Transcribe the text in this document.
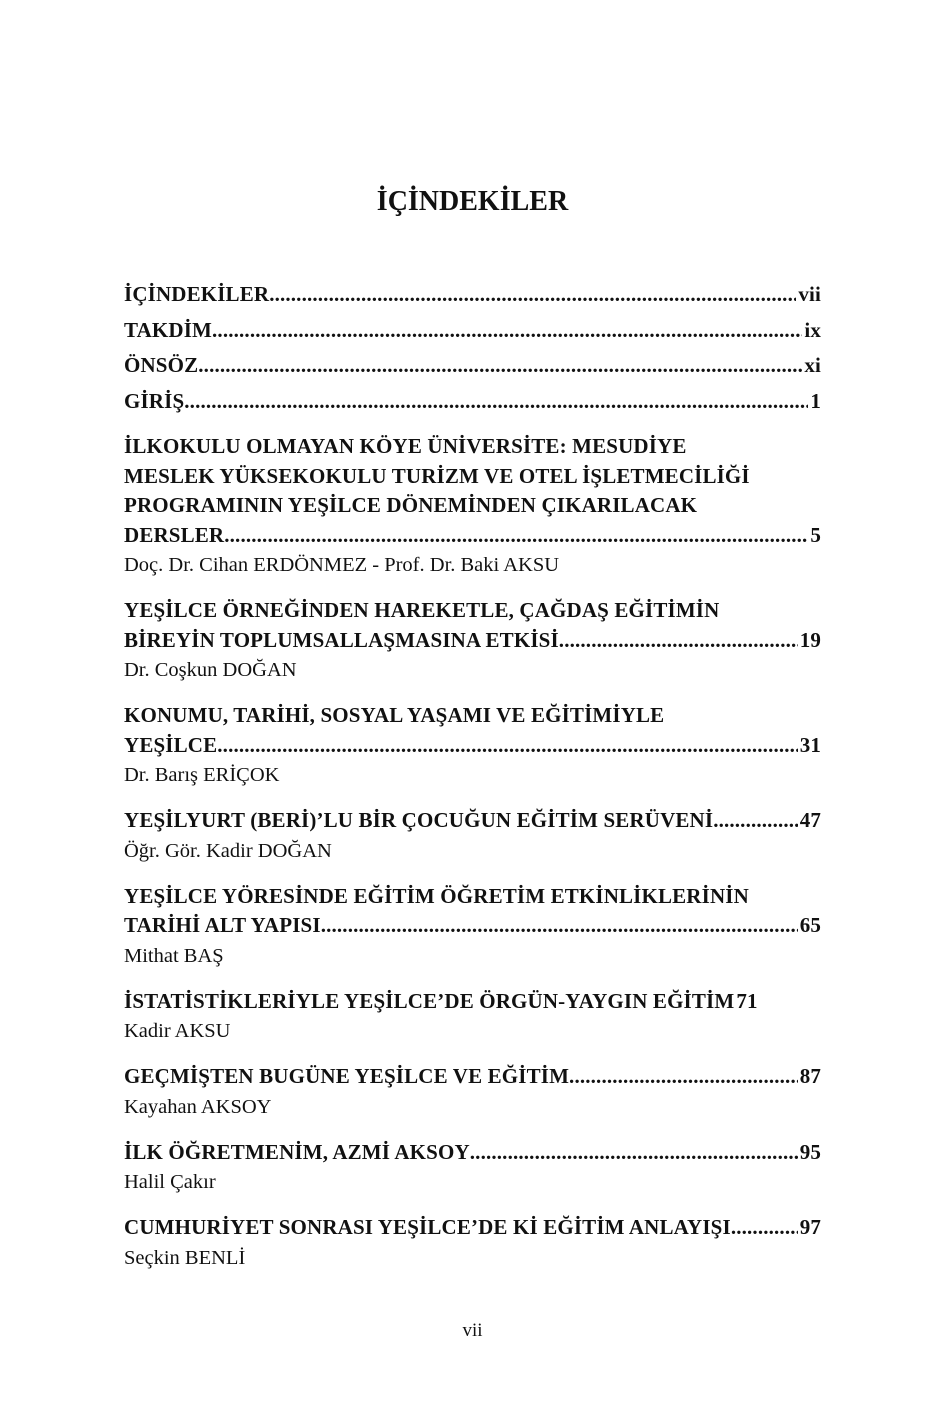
İÇİNDEKİLER
İÇİNDEKİLER .....	vii
TAKDİM .....	ix
ÖNSÖZ .....	xi
GİRİŞ .....	1
İLKOKULU OLMAYAN KÖYE ÜNİVERSİTE: MESUDİYE
MESLEK YÜKSEKOKULU TURİZM VE OTEL İŞLETMECİLİĞİ
PROGRAMININ YEŞİLCE DÖNEMİNDEN ÇIKARILACAK
DERSLER .....	5
Doç. Dr. Cihan ERDÖNMEZ - Prof. Dr. Baki AKSU
YEŞİLCE ÖRNEĞİNDEN HAREKETLE, ÇAĞDAŞ EĞİTİMİN
BİREYİN TOPLUMSALLAŞMASINA ETKİSİ .....	19
Dr. Coşkun DOĞAN
KONUMU, TARİHİ, SOSYAL YAŞAMI VE EĞİTİMİYLE
YEŞİLCE .....	31
Dr. Barış ERİÇOK
YEŞİLYURT (BERİ)’LU BİR ÇOCUĞUN EĞİTİM SERÜVENİ .....	47
Öğr. Gör. Kadir DOĞAN
YEŞİLCE YÖRESİNDE EĞİTİM ÖĞRETİM ETKİNLİKLERİNİN
TARİHİ ALT YAPISI .....	65
Mithat BAŞ
İSTATİSTİKLERİYLE YEŞİLCE’DE ÖRGÜN-YAYGIN EĞİTİM 71
Kadir AKSU
GEÇMİŞTEN BUGÜNE YEŞİLCE VE EĞİTİM .....	87
Kayahan AKSOY
İLK ÖĞRETMENİM, AZMİ AKSOY .....	95
Halil Çakır
CUMHURİYET SONRASI YEŞİLCE’DE Kİ EĞİTİM ANLAYIŞI .....	97
Seçkin BENLİ
vii
